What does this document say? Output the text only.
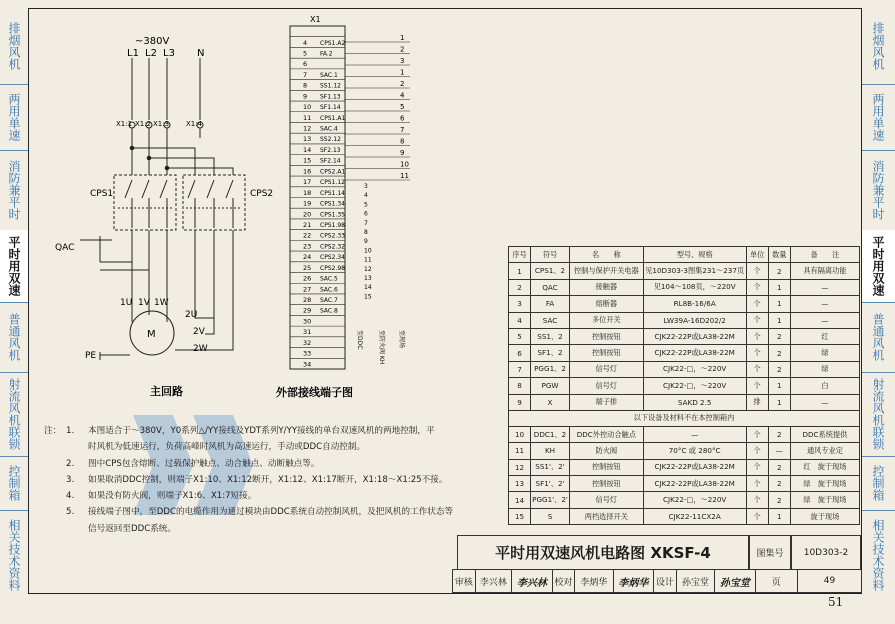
排烟风机
两用单速
消防兼平时
平时用双速
普通风机
射流风机联锁
控制箱
相关技术资料
排烟风机
两用单速
消防兼平时
平时用双速
普通风机
射流风机联锁
控制箱
相关技术资料
~380V
L1 L2 L3 N
X1:1 X1:2 X1:3 X1:4
CPS1	CPS2
QAC
M
PE
1U 1V 1W
2U
2V
2W
主回路
X1
外部接线端子图
4 CPS1.A2
5 FA.2
6
7 SAC.1
8 SS1.12
9 SF1.13
10 SF1.14
11 CPS1.A1
12 SAC.4
13 SS2.12
14 SF2.13
15 SF2.14
16 CPS2.A1
17 CPS1.12
18 CPS1.14
19 CPS1.34
20 CPS1.35
21 CPS1.98
22 CPS2.33
23 CPS2.32
24 CPS2.34
25 CPS2.98
26 SAC.5
27 SAC.6
28 SAC.7
29 SAC.8
30
31
32
33
34
1
2
3
1
2
4
5
6
7
8
9
10
11
3
4
5
6
7
8
9
10
11
12
13
14
15
至DDC	至防火阀 KH 至现场
注： 1.	本图适合于～380V，Y0系列△/YY接线及YDT系列Y/YY接线的单台双速风机的两地控制，平
时风机为低速运行，负荷高峰时风机为高速运行，手动或DDC自动控制。
2.	图中CPS包含熔断、过载保护触点、动合触点、动断触点等。
3.	如果取消DDC控制，则端子X1:10、X1:12断开，X1:12、X1:17断开，X1:18～X1:25不接。
4.	如果没有防火阀，则端子X1:6、X1:7短接。
5.	接线端子图中，至DDC的电缆作用为通过模块由DDC系统自动控制风机，及把风机的工作状态等
信号返回至DDC系统。
序号	符号	名　　称	型号、规格	单位	数量	备　　注
1	CPS1、2	控制与保护开关电器	见10D303-3图集231～237页	个	2	具有隔离功能
2	QAC	接触器	见104～108页，～220V	个	1	—
3	FA	熔断器	RL8B-16/6A	个	1	—
4	SAC	多位开关	LW39A-16D202/2	个	1	—
5	SS1、2	控制按钮	CJK22-22P或LA38-22M	个	2	红
6	SF1、2	控制按钮	CJK22-22P或LA38-22M	个	2	绿
7	PGG1、2	信号灯	CJK22-□，～220V	个	2	绿
8	PGW	信号灯	CJK22-□，～220V	个	1	白
9	X	端子排	SAKD 2.5	排	1	—
以下设备及材料不在本控制箱内						
10	DDC1、2	DDC外控动合触点	—	个	2	DDC系统提供
11	KH	防火阀	70°C 或 280°C	个	—	通风专业定
12	SS1'、2'	控制按钮	CJK22-22P或LA38-22M	个	2	红　旋于现场
13	SF1'、2'	控制按钮	CJK22-22P或LA38-22M	个	2	绿　旋于现场
14	PGG1'、2'	信号灯	CJK22-□，～220V	个	2	绿　旋于现场
15	S	两档选择开关	CJK22-11CX2A	个	1	旋于现场
平时用双速风机电路图 XKSF-4	图集号	10D303-2
审核 李兴林 李兴林 校对 李炳华	李炳华 设计 孙宝堂	孙宝堂	页	49
51
